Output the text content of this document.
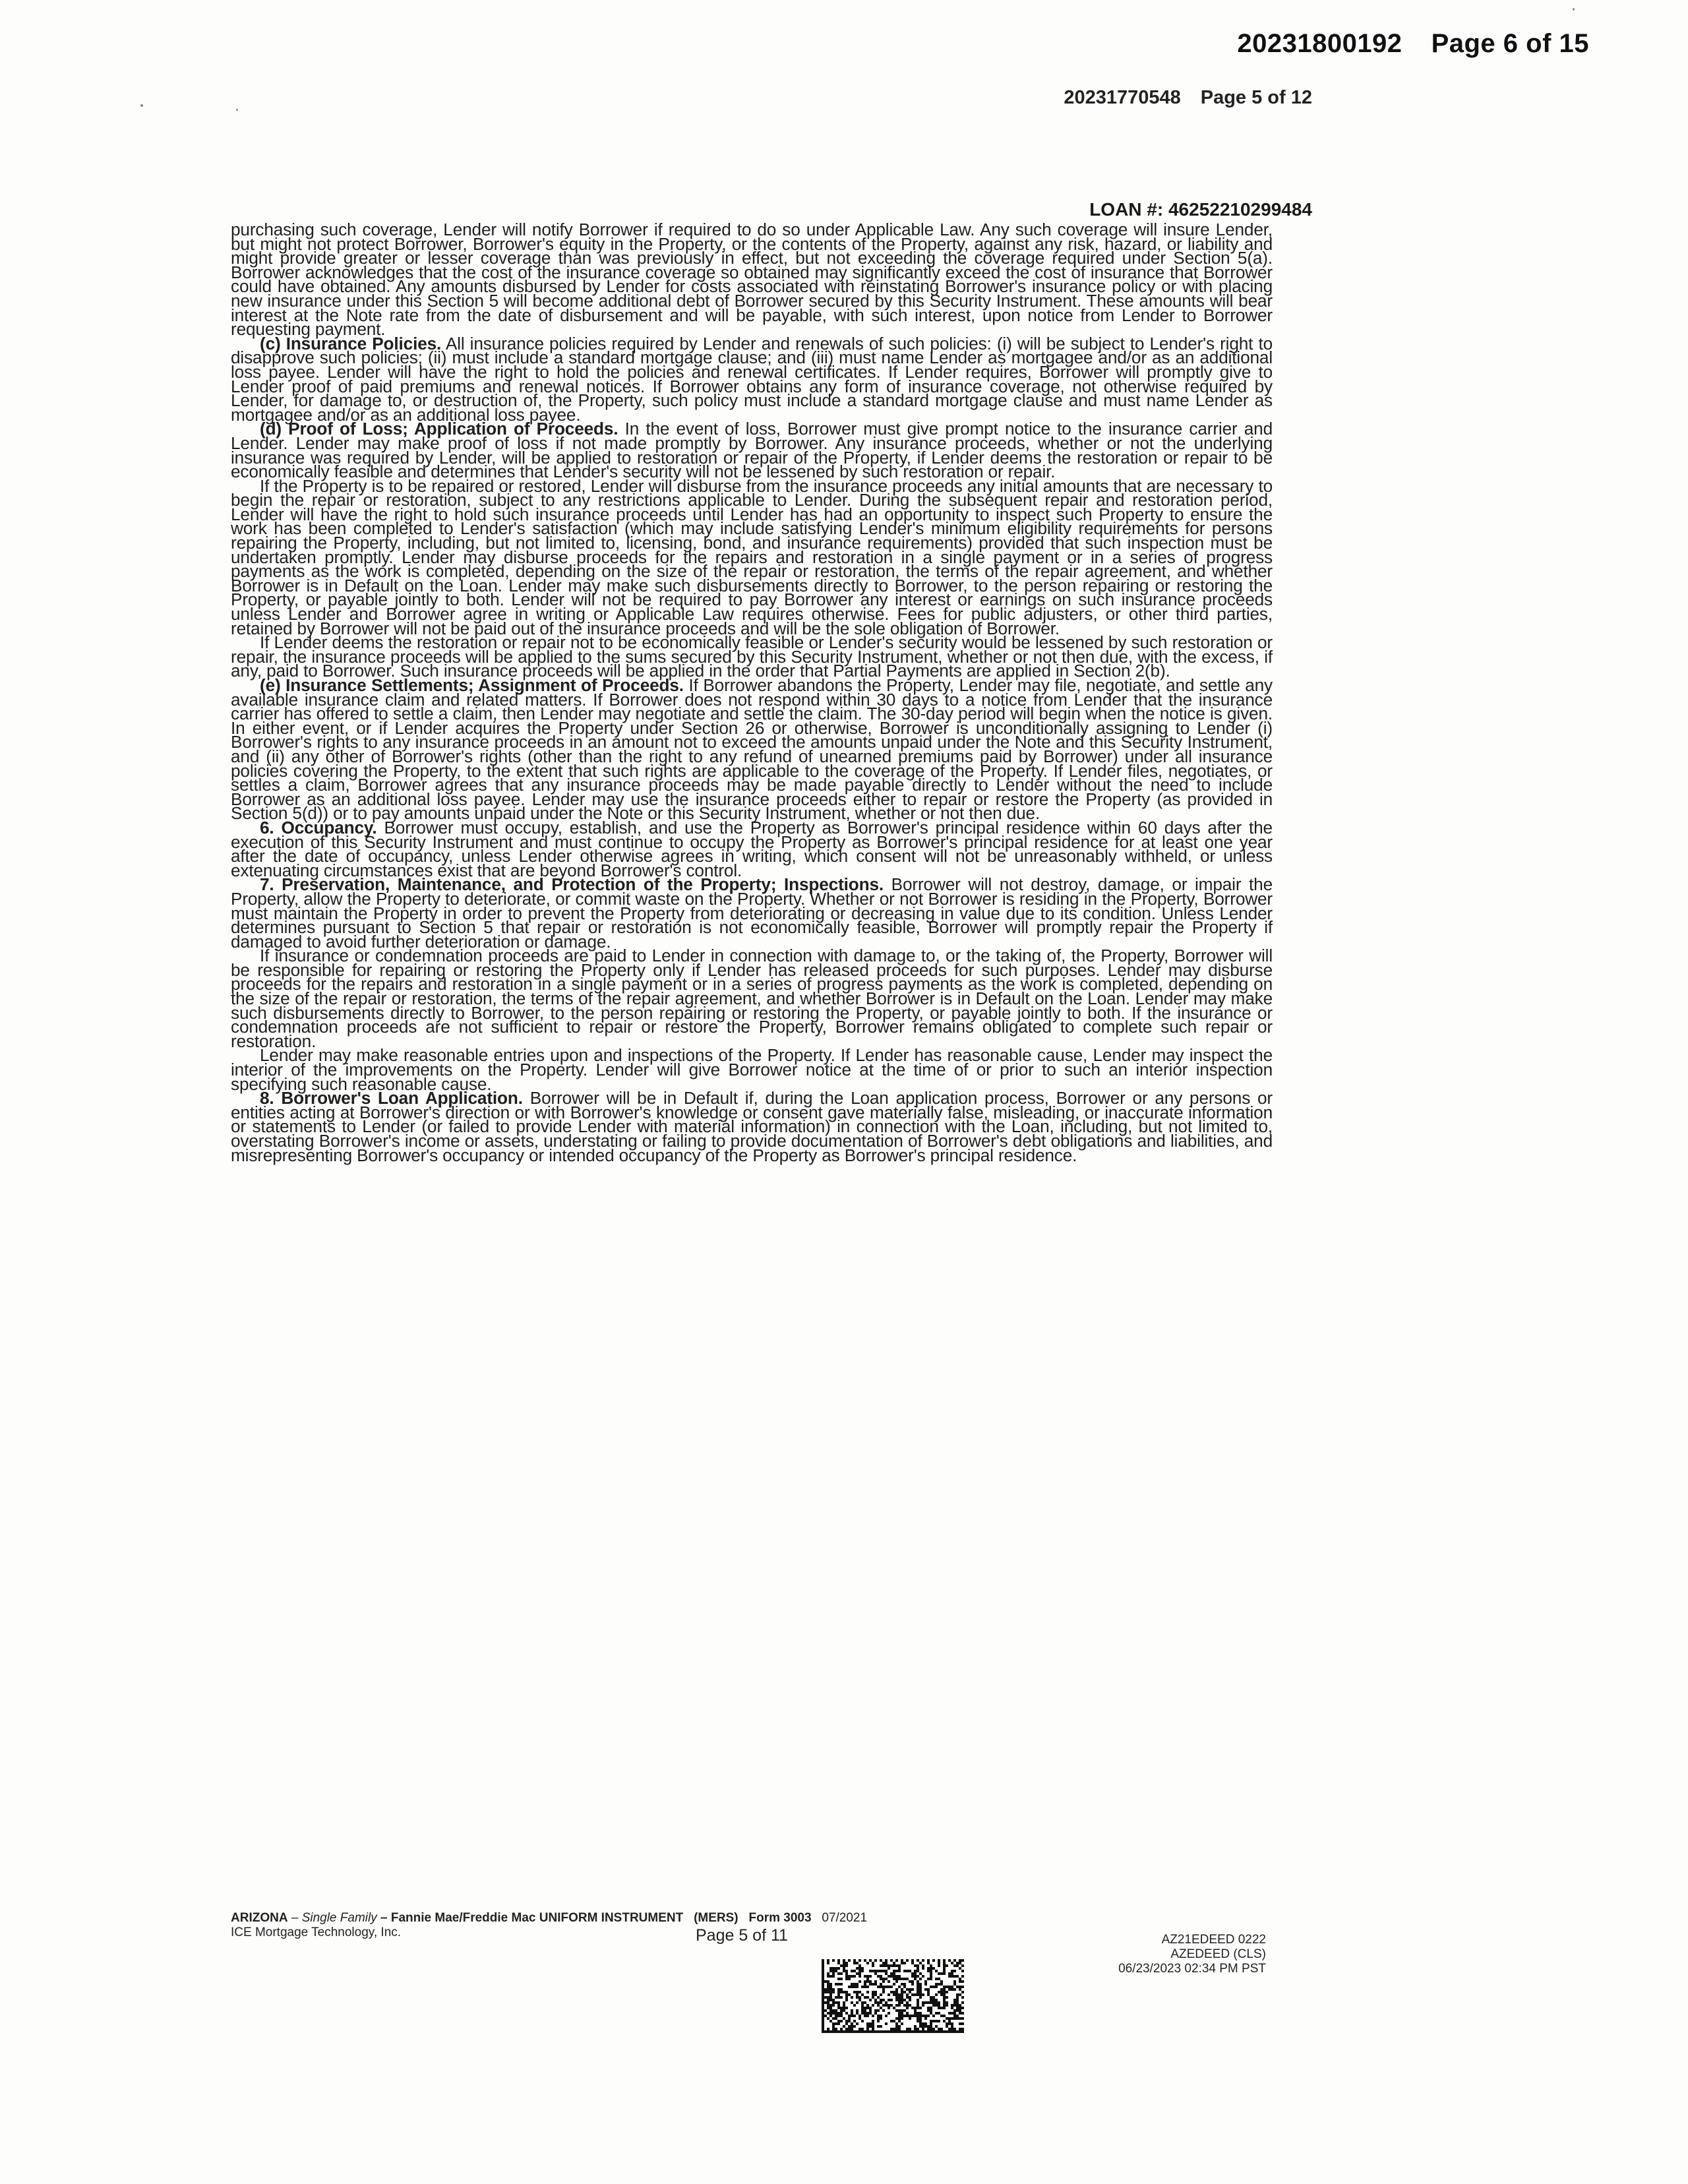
20231800192 Page 6 of 15
20231770548 Page 5 of 12
LOAN #: 46252210299484

purchasing such coverage, Lender will notify Borrower if required to do so under Applicable Law. Any such coverage will insure Lender, but might not protect Borrower, Borrower's equity in the Property, or the contents of the Property, against any risk, hazard, or liability and might provide greater or lesser coverage than was previously in effect, but not exceeding the coverage required under Section 5(a). Borrower acknowledges that the cost of the insurance coverage so obtained may significantly exceed the cost of insurance that Borrower could have obtained. Any amounts disbursed by Lender for costs associated with reinstating Borrower's insurance policy or with placing new insurance under this Section 5 will become additional debt of Borrower secured by this Security Instrument. These amounts will bear interest at the Note rate from the date of disbursement and will be payable, with such interest, upon notice from Lender to Borrower requesting payment.

(c) Insurance Policies. All insurance policies required by Lender and renewals of such policies: (i) will be subject to Lender's right to disapprove such policies; (ii) must include a standard mortgage clause; and (iii) must name Lender as mortgagee and/or as an additional loss payee. Lender will have the right to hold the policies and renewal certificates. If Lender requires, Borrower will promptly give to Lender proof of paid premiums and renewal notices. If Borrower obtains any form of insurance coverage, not otherwise required by Lender, for damage to, or destruction of, the Property, such policy must include a standard mortgage clause and must name Lender as mortgagee and/or as an additional loss payee.

(d) Proof of Loss; Application of Proceeds. In the event of loss, Borrower must give prompt notice to the insurance carrier and Lender. Lender may make proof of loss if not made promptly by Borrower. Any insurance proceeds, whether or not the underlying insurance was required by Lender, will be applied to restoration or repair of the Property, if Lender deems the restoration or repair to be economically feasible and determines that Lender's security will not be lessened by such restoration or repair.

If the Property is to be repaired or restored, Lender will disburse from the insurance proceeds any initial amounts that are necessary to begin the repair or restoration, subject to any restrictions applicable to Lender. During the subsequent repair and restoration period, Lender will have the right to hold such insurance proceeds until Lender has had an opportunity to inspect such Property to ensure the work has been completed to Lender's satisfaction (which may include satisfying Lender's minimum eligibility requirements for persons repairing the Property, including, but not limited to, licensing, bond, and insurance requirements) provided that such inspection must be undertaken promptly. Lender may disburse proceeds for the repairs and restoration in a single payment or in a series of progress payments as the work is completed, depending on the size of the repair or restoration, the terms of the repair agreement, and whether Borrower is in Default on the Loan. Lender may make such disbursements directly to Borrower, to the person repairing or restoring the Property, or payable jointly to both. Lender will not be required to pay Borrower any interest or earnings on such insurance proceeds unless Lender and Borrower agree in writing or Applicable Law requires otherwise. Fees for public adjusters, or other third parties, retained by Borrower will not be paid out of the insurance proceeds and will be the sole obligation of Borrower.

If Lender deems the restoration or repair not to be economically feasible or Lender's security would be lessened by such restoration or repair, the insurance proceeds will be applied to the sums secured by this Security Instrument, whether or not then due, with the excess, if any, paid to Borrower. Such insurance proceeds will be applied in the order that Partial Payments are applied in Section 2(b).

(e) Insurance Settlements; Assignment of Proceeds. If Borrower abandons the Property, Lender may file, negotiate, and settle any available insurance claim and related matters. If Borrower does not respond within 30 days to a notice from Lender that the insurance carrier has offered to settle a claim, then Lender may negotiate and settle the claim. The 30-day period will begin when the notice is given. In either event, or if Lender acquires the Property under Section 26 or otherwise, Borrower is unconditionally assigning to Lender (i) Borrower's rights to any insurance proceeds in an amount not to exceed the amounts unpaid under the Note and this Security Instrument, and (ii) any other of Borrower's rights (other than the right to any refund of unearned premiums paid by Borrower) under all insurance policies covering the Property, to the extent that such rights are applicable to the coverage of the Property. If Lender files, negotiates, or settles a claim, Borrower agrees that any insurance proceeds may be made payable directly to Lender without the need to include Borrower as an additional loss payee. Lender may use the insurance proceeds either to repair or restore the Property (as provided in Section 5(d)) or to pay amounts unpaid under the Note or this Security Instrument, whether or not then due.

6. Occupancy. Borrower must occupy, establish, and use the Property as Borrower's principal residence within 60 days after the execution of this Security Instrument and must continue to occupy the Property as Borrower's principal residence for at least one year after the date of occupancy, unless Lender otherwise agrees in writing, which consent will not be unreasonably withheld, or unless extenuating circumstances exist that are beyond Borrower's control.

7. Preservation, Maintenance, and Protection of the Property; Inspections. Borrower will not destroy, damage, or impair the Property, allow the Property to deteriorate, or commit waste on the Property. Whether or not Borrower is residing in the Property, Borrower must maintain the Property in order to prevent the Property from deteriorating or decreasing in value due to its condition. Unless Lender determines pursuant to Section 5 that repair or restoration is not economically feasible, Borrower will promptly repair the Property if damaged to avoid further deterioration or damage.

If insurance or condemnation proceeds are paid to Lender in connection with damage to, or the taking of, the Property, Borrower will be responsible for repairing or restoring the Property only if Lender has released proceeds for such purposes. Lender may disburse proceeds for the repairs and restoration in a single payment or in a series of progress payments as the work is completed, depending on the size of the repair or restoration, the terms of the repair agreement, and whether Borrower is in Default on the Loan. Lender may make such disbursements directly to Borrower, to the person repairing or restoring the Property, or payable jointly to both. If the insurance or condemnation proceeds are not sufficient to repair or restore the Property, Borrower remains obligated to complete such repair or restoration.

Lender may make reasonable entries upon and inspections of the Property. If Lender has reasonable cause, Lender may inspect the interior of the improvements on the Property. Lender will give Borrower notice at the time of or prior to such an interior inspection specifying such reasonable cause.

8. Borrower's Loan Application. Borrower will be in Default if, during the Loan application process, Borrower or any persons or entities acting at Borrower's direction or with Borrower's knowledge or consent gave materially false, misleading, or inaccurate information or statements to Lender (or failed to provide Lender with material information) in connection with the Loan, including, but not limited to, overstating Borrower's income or assets, understating or failing to provide documentation of Borrower's debt obligations and liabilities, and misrepresenting Borrower's occupancy or intended occupancy of the Property as Borrower's principal residence.

ARIZONA – Single Family – Fannie Mae/Freddie Mac UNIFORM INSTRUMENT (MERS) Form 3003 07/2021
ICE Mortgage Technology, Inc.	Page 5 of 11	AZ21EDEED 0222
AZEDEED (CLS)
06/23/2023 02:34 PM PST
